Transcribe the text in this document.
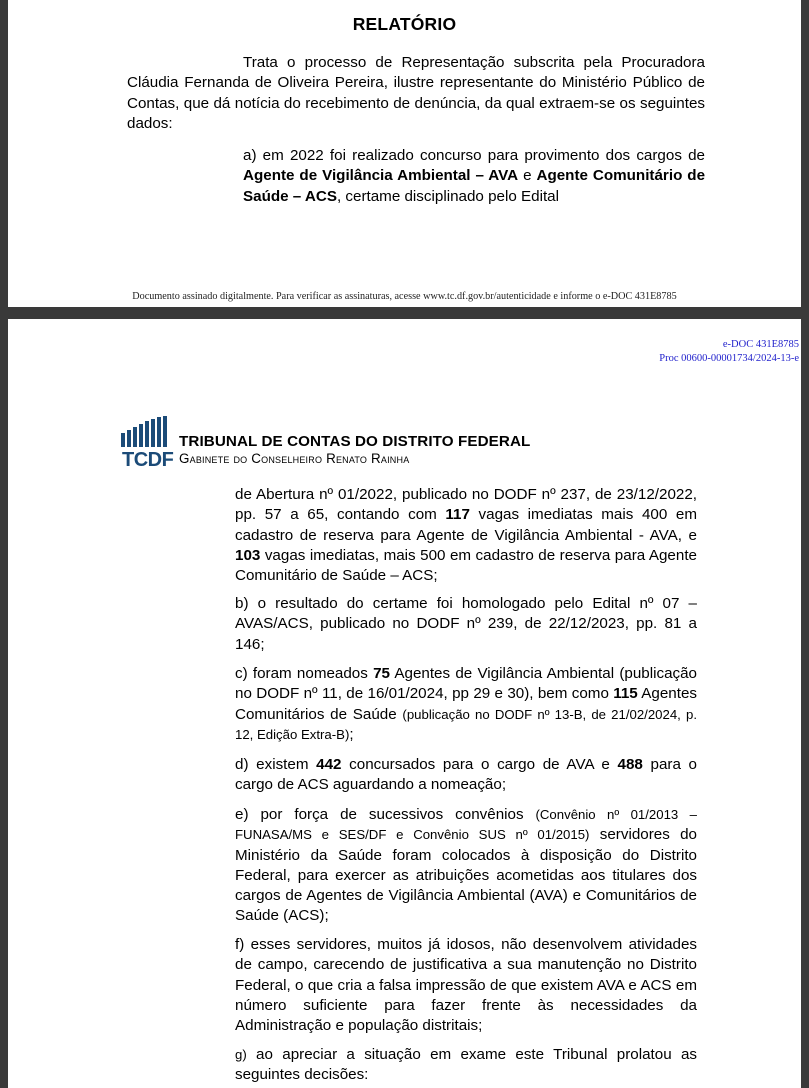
RELATÓRIO

Trata o processo de Representação subscrita pela Procuradora Cláudia Fernanda de Oliveira Pereira, ilustre representante do Ministério Público de Contas, que dá notícia do recebimento de denúncia, da qual extraem-se os seguintes dados:

a) em 2022 foi realizado concurso para provimento dos cargos de Agente de Vigilância Ambiental – AVA e Agente Comunitário de Saúde – ACS, certame disciplinado pelo Edital

Documento assinado digitalmente. Para verificar as assinaturas, acesse www.tc.df.gov.br/autenticidade e informe o e-DOC 431E8785
e-DOC 431E8785
Proc 00600-00001734/2024-13-e
TCDF
TRIBUNAL DE CONTAS DO DISTRITO FEDERAL
Gabinete do Conselheiro Renato Rainha

de Abertura nº 01/2022, publicado no DODF nº 237, de 23/12/2022, pp. 57 a 65, contando com 117 vagas imediatas mais 400 em cadastro de reserva para Agente de Vigilância Ambiental - AVA, e 103 vagas imediatas, mais 500 em cadastro de reserva para Agente Comunitário de Saúde – ACS;

b) o resultado do certame foi homologado pelo Edital nº 07 – AVAS/ACS, publicado no DODF nº 239, de 22/12/2023, pp. 81 a 146;

c) foram nomeados 75 Agentes de Vigilância Ambiental (publicação no DODF nº 11, de 16/01/2024, pp 29 e 30), bem como 115 Agentes Comunitários de Saúde (publicação no DODF nº 13-B, de 21/02/2024, p. 12, Edição Extra-B);

d) existem 442 concursados para o cargo de AVA e 488 para o cargo de ACS aguardando a nomeação;

e) por força de sucessivos convênios (Convênio nº 01/2013 – FUNASA/MS e SES/DF e Convênio SUS nº 01/2015) servidores do Ministério da Saúde foram colocados à disposição do Distrito Federal, para exercer as atribuições acometidas aos titulares dos cargos de Agentes de Vigilância Ambiental (AVA) e Comunitários de Saúde (ACS);

f) esses servidores, muitos já idosos, não desenvolvem atividades de campo, carecendo de justificativa a sua manutenção no Distrito Federal, o que cria a falsa impressão de que existem AVA e ACS em número suficiente para fazer frente às necessidades da Administração e população distritais;

g) ao apreciar a situação em exame este Tribunal prolatou as seguintes decisões:
